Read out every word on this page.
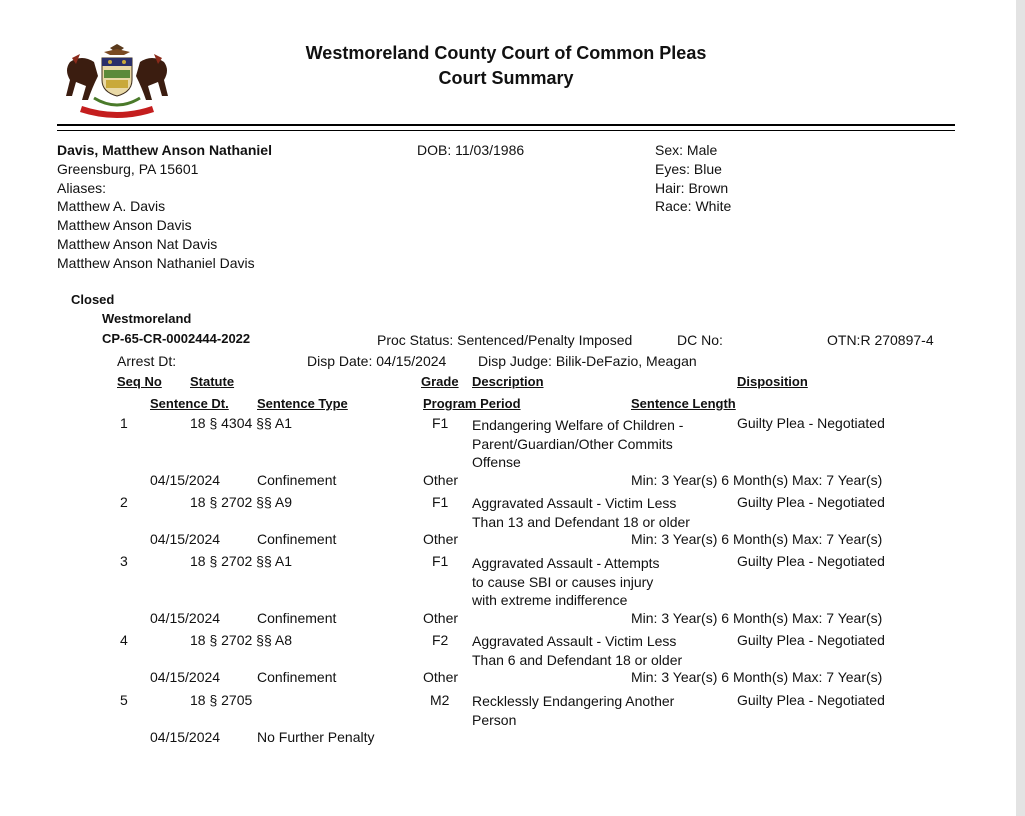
Westmoreland County Court of Common Pleas
Court Summary
Davis, Matthew Anson Nathaniel
Greensburg, PA 15601
Aliases:
Matthew A. Davis
Matthew Anson Davis
Matthew Anson Nat Davis
Matthew Anson Nathaniel Davis
DOB: 11/03/1986	Sex: Male
Eyes: Blue
Hair: Brown
Race: White
Closed
Westmoreland
CP-65-CR-0002444-2022	Proc Status: Sentenced/Penalty Imposed	DC No:	OTN:R 270897-4
Arrest Dt:	Disp Date: 04/15/2024 Disp Judge: Bilik-DeFazio, Meagan
Seq No Statute	Grade Description	Disposition
Sentence Dt. Sentence Type	Program Period	Sentence Length
1	18 § 4304 §§ A1	F1 Endangering Welfare of Children - Parent/Guardian/Other Commits Offense
Guilty Plea - Negotiated
04/15/2024	Confinement	Other	Min: 3 Year(s) 6 Month(s) Max: 7 Year(s)
2	18 § 2702 §§ A9	F1 Aggravated Assault - Victim Less Than 13 and Defendant 18 or older
Guilty Plea - Negotiated
04/15/2024	Confinement	Other	Min: 3 Year(s) 6 Month(s) Max: 7 Year(s)
3	18 § 2702 §§ A1	F1 Aggravated Assault - Attempts to cause SBI or causes injury with extreme indifference
Guilty Plea - Negotiated
04/15/2024	Confinement	Other	Min: 3 Year(s) 6 Month(s) Max: 7 Year(s)
4	18 § 2702 §§ A8	F2 Aggravated Assault - Victim Less Than 6 and Defendant 18 or older
Guilty Plea - Negotiated
04/15/2024	Confinement	Other	Min: 3 Year(s) 6 Month(s) Max: 7 Year(s)
5	18 § 2705	M2 Recklessly Endangering Another Person
Guilty Plea - Negotiated
04/15/2024	No Further Penalty
